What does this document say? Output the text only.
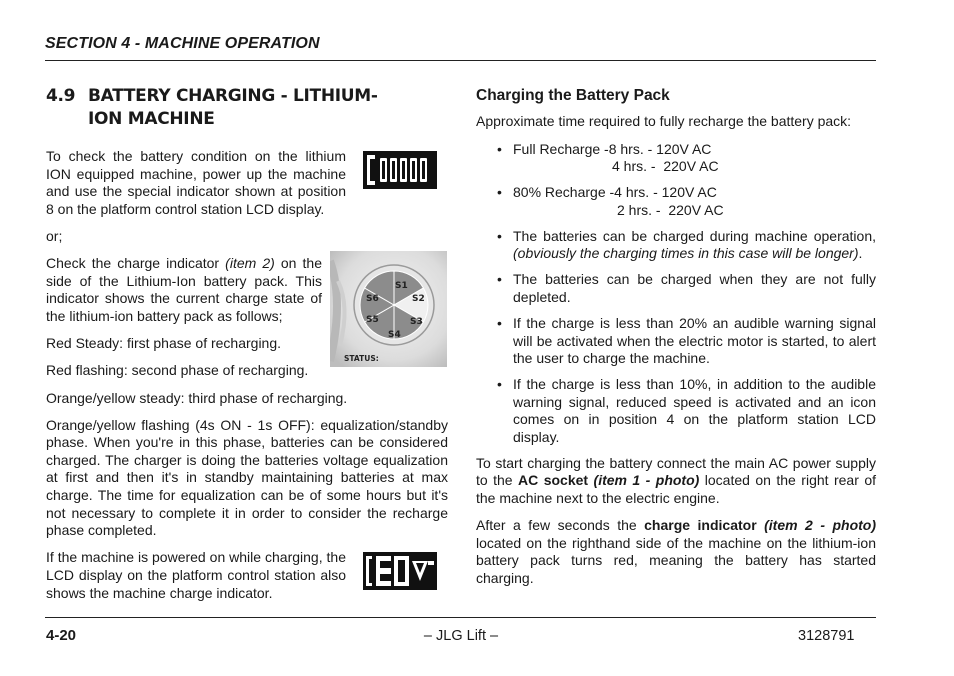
SECTION 4 - MACHINE OPERATION
4.9 BATTERY CHARGING - LITHIUM-ION MACHINE

To check the battery condition on the lithium ION equipped machine, power up the machine and use the special indicator shown at position 8 on the platform control station LCD display.

or;

Check the charge indicator (item 2) on the side of the Lithium-Ion battery pack. This indicator shows the current charge state of the lithium-ion battery pack as follows;

Red Steady: first phase of recharging.

Red flashing: second phase of recharging.

Orange/yellow steady: third phase of recharging.

Orange/yellow flashing (4s ON - 1s OFF): equalization/standby phase. When you're in this phase, batteries can be considered charged. The charger is doing the batteries voltage equalization at first and then it's in standby maintaining batteries at max charge. The time for equalization can be of some hours but it's not necessary to complete it in order to consider the recharge phase completed.

If the machine is powered on while charging, the LCD display on the platform control station also shows the machine charge indicator.

S1
S2
S3
S4
S5
S6
STATUS:
Charging the Battery Pack

Approximate time required to fully recharge the battery pack:

• Full Recharge -8 hrs. - 120V AC
4 hrs. -  220V AC
• 80% Recharge -4 hrs. - 120V AC
2 hrs. -  220V AC
• The batteries can be charged during machine operation, (obviously the charging times in this case will be longer).
• The batteries can be charged when they are not fully depleted.
• If the charge is less than 20% an audible warning signal will be activated when the electric motor is started, to alert the user to charge the machine.
• If the charge is less than 10%, in addition to the audible warning signal, reduced speed is activated and an icon comes on in position 4 on the platform station LCD display.

To start charging the battery connect the main AC power supply to the AC socket (item 1 - photo) located on the right rear of the machine next to the electric engine.

After a few seconds the charge indicator (item 2 - photo) located on the righthand side of the machine on the lithium-ion battery pack turns red, meaning the battery has started charging.

4-20	– JLG Lift –	3128791
